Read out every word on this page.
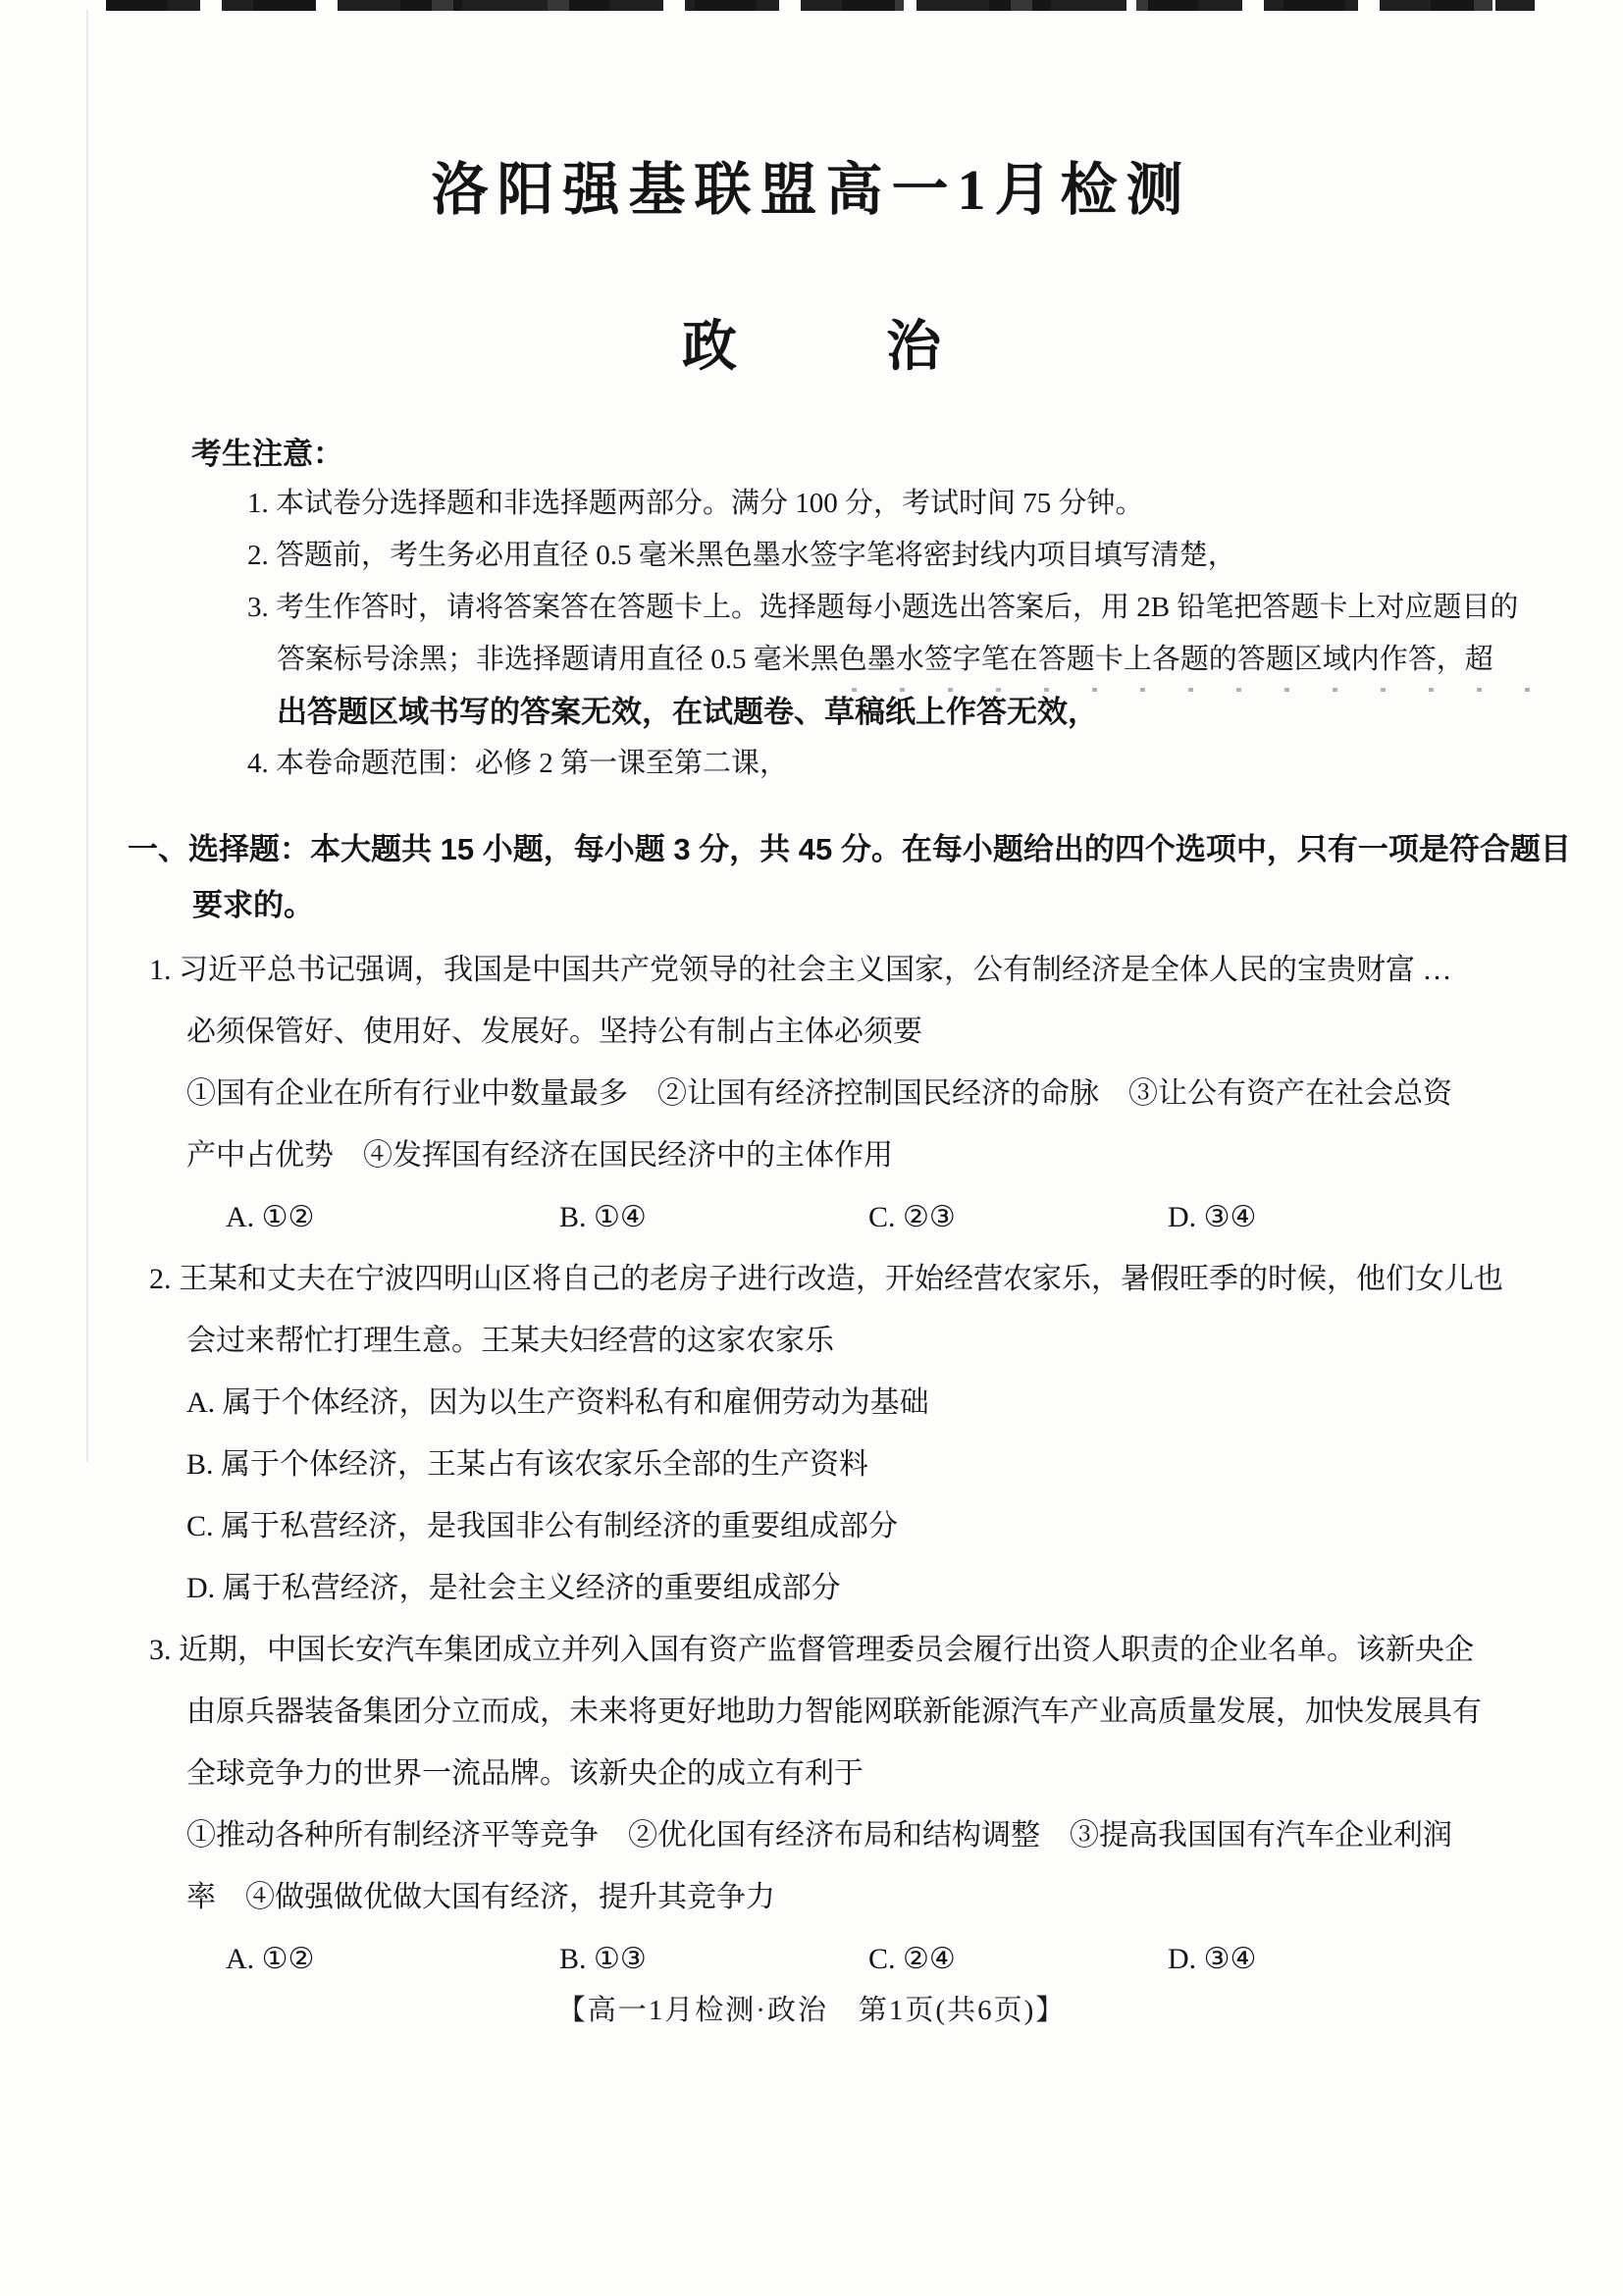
洛阳强基联盟高一1月检测
政	治
考生注意：
1. 本试卷分选择题和非选择题两部分。满分 100 分，考试时间 75 分钟。
2. 答题前，考生务必用直径 0.5 毫米黑色墨水签字笔将密封线内项目填写清楚，
3. 考生作答时，请将答案答在答题卡上。选择题每小题选出答案后，用 2B 铅笔把答题卡上对应题目的
答案标号涂黑；非选择题请用直径 0.5 毫米黑色墨水签字笔在答题卡上各题的答题区域内作答，超
出答题区域书写的答案无效，在试题卷、草稿纸上作答无效，
4. 本卷命题范围：必修 2 第一课至第二课，
一、选择题：本大题共 15 小题，每小题 3 分，共 45 分。在每小题给出的四个选项中，只有一项是符合题目
要求的。
1. 习近平总书记强调，我国是中国共产党领导的社会主义国家，公有制经济是全体人民的宝贵财富 …
必须保管好、使用好、发展好。坚持公有制占主体必须要
①国有企业在所有行业中数量最多　②让国有经济控制国民经济的命脉　③让公有资产在社会总资
产中占优势　④发挥国有经济在国民经济中的主体作用
A. ①②	B. ①④	C. ②③	D. ③④
2. 王某和丈夫在宁波四明山区将自己的老房子进行改造，开始经营农家乐，暑假旺季的时候，他们女儿也
会过来帮忙打理生意。王某夫妇经营的这家农家乐
A. 属于个体经济，因为以生产资料私有和雇佣劳动为基础
B. 属于个体经济，王某占有该农家乐全部的生产资料
C. 属于私营经济，是我国非公有制经济的重要组成部分
D. 属于私营经济，是社会主义经济的重要组成部分
3. 近期，中国长安汽车集团成立并列入国有资产监督管理委员会履行出资人职责的企业名单。该新央企
由原兵器装备集团分立而成，未来将更好地助力智能网联新能源汽车产业高质量发展，加快发展具有
全球竞争力的世界一流品牌。该新央企的成立有利于
①推动各种所有制经济平等竞争　②优化国有经济布局和结构调整　③提高我国国有汽车企业利润
率　④做强做优做大国有经济，提升其竞争力
A. ①②	B. ①③	C. ②④	D. ③④
【高一1月检测·政治　第1页(共6页)】
